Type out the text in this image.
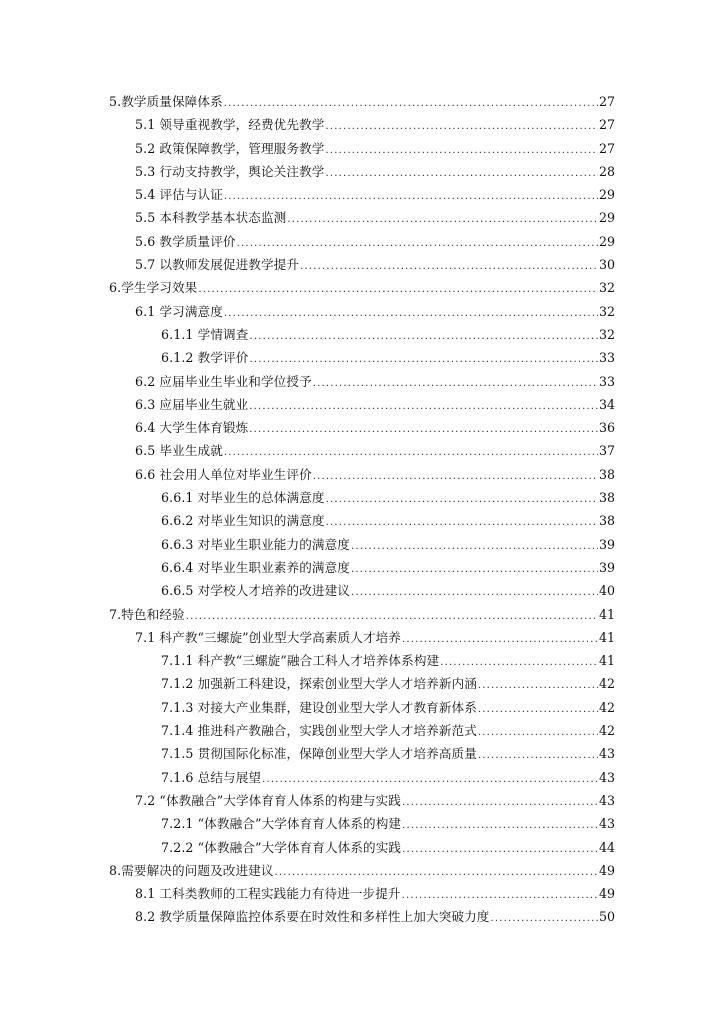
5.教学质量保障体系 .....	27
5.1 领导重视教学，经费优先教学 .....	27
5.2 政策保障教学，管理服务教学 .....	27
5.3 行动支持教学，舆论关注教学 .....	28
5.4 评估与认证 .....	29
5.5 本科教学基本状态监测 .....	29
5.6 教学质量评价 .....	29
5.7 以教师发展促进教学提升 .....	30
6.学生学习效果 .....	32
6.1 学习满意度 .....	32
6.1.1 学情调查 .....	32
6.1.2 教学评价 .....	33
6.2 应届毕业生毕业和学位授予 .....	33
6.3 应届毕业生就业 .....	34
6.4 大学生体育锻炼 .....	36
6.5 毕业生成就 .....	37
6.6 社会用人单位对毕业生评价 .....	38
6.6.1 对毕业生的总体满意度 .....	38
6.6.2 对毕业生知识的满意度 .....	38
6.6.3 对毕业生职业能力的满意度 .....	39
6.6.4 对毕业生职业素养的满意度 .....	39
6.6.5 对学校人才培养的改进建议 .....	40
7.特色和经验 .....	41
7.1 科产教“三螺旋”创业型大学高素质人才培养 .....	41
7.1.1 科产教“三螺旋”融合工科人才培养体系构建 .....	41
7.1.2 加强新工科建设，探索创业型大学人才培养新内涵 .....	42
7.1.3 对接大产业集群，建设创业型大学人才教育新体系 .....	42
7.1.4 推进科产教融合，实践创业型大学人才培养新范式 .....	42
7.1.5 贯彻国际化标准，保障创业型大学人才培养高质量 .....	43
7.1.6 总结与展望 .....	43
7.2 “体教融合”大学体育育人体系的构建与实践 .....	43
7.2.1 “体教融合”大学体育育人体系的构建 .....	43
7.2.2 “体教融合”大学体育育人体系的实践 .....	44
8.需要解决的问题及改进建议 .....	49
8.1 工科类教师的工程实践能力有待进一步提升 .....	49
8.2 教学质量保障监控体系要在时效性和多样性上加大突破力度 .....	50
